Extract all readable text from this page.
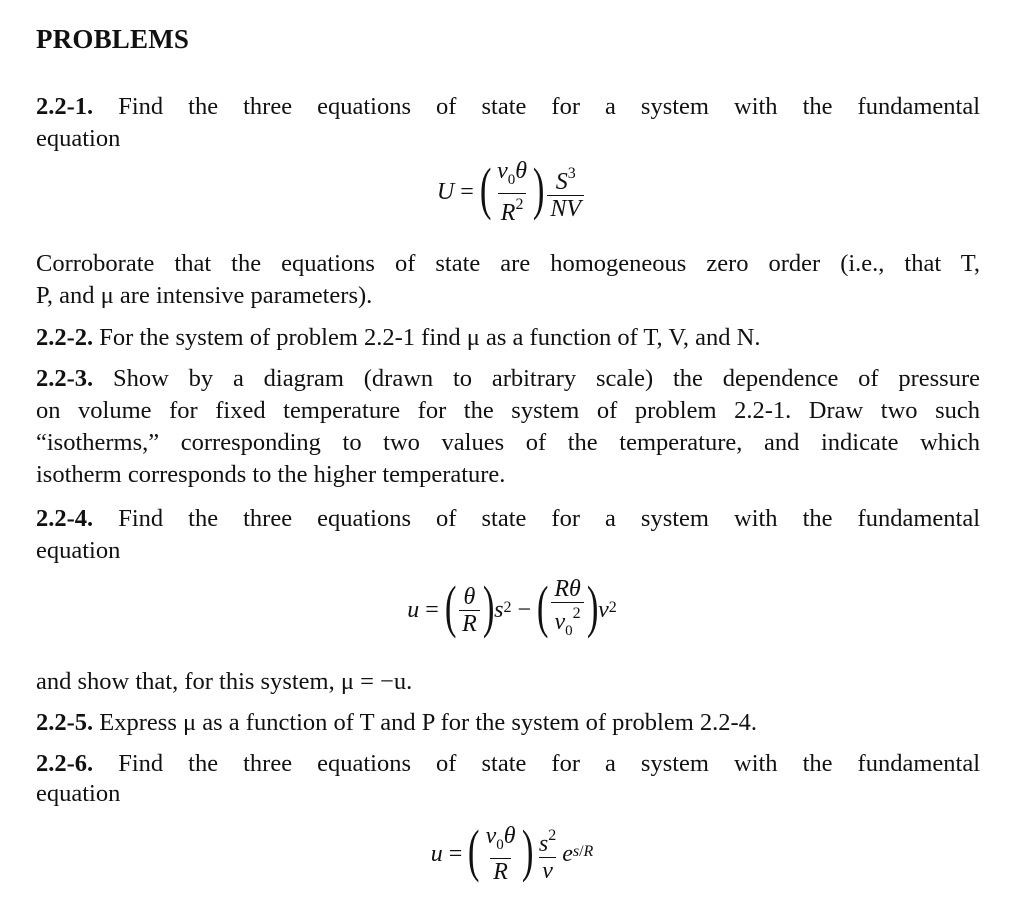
PROBLEMS
2.2-1. Find the three equations of state for a system with the fundamental
equation
U = ( $\frac{v_0\theta}{R^2}$ ) $\frac{S^3}{NV}$
Corroborate that the equations of state are homogeneous zero order (i.e., that T,
P, and μ are intensive parameters).
2.2-2. For the system of problem 2.2-1 find μ as a function of T, V, and N.
2.2-3. Show by a diagram (drawn to arbitrary scale) the dependence of pressure
on volume for fixed temperature for the system of problem 2.2-1. Draw two such
“isotherms,” corresponding to two values of the temperature, and indicate which
isotherm corresponds to the higher temperature.
2.2-4. Find the three equations of state for a system with the fundamental
equation
u = ( $\frac{\theta}{R}$ ) $s^2$ − ( $\frac{R\theta}{v_0^2}$ ) $v^2$
and show that, for this system, μ = −u.
2.2-5. Express μ as a function of T and P for the system of problem 2.2-4.
2.2-6. Find the three equations of state for a system with the fundamental
equation
u = ( $\frac{v_0\theta}{R}$ ) $\frac{s^2}{v}$ e $^{s/R}$
